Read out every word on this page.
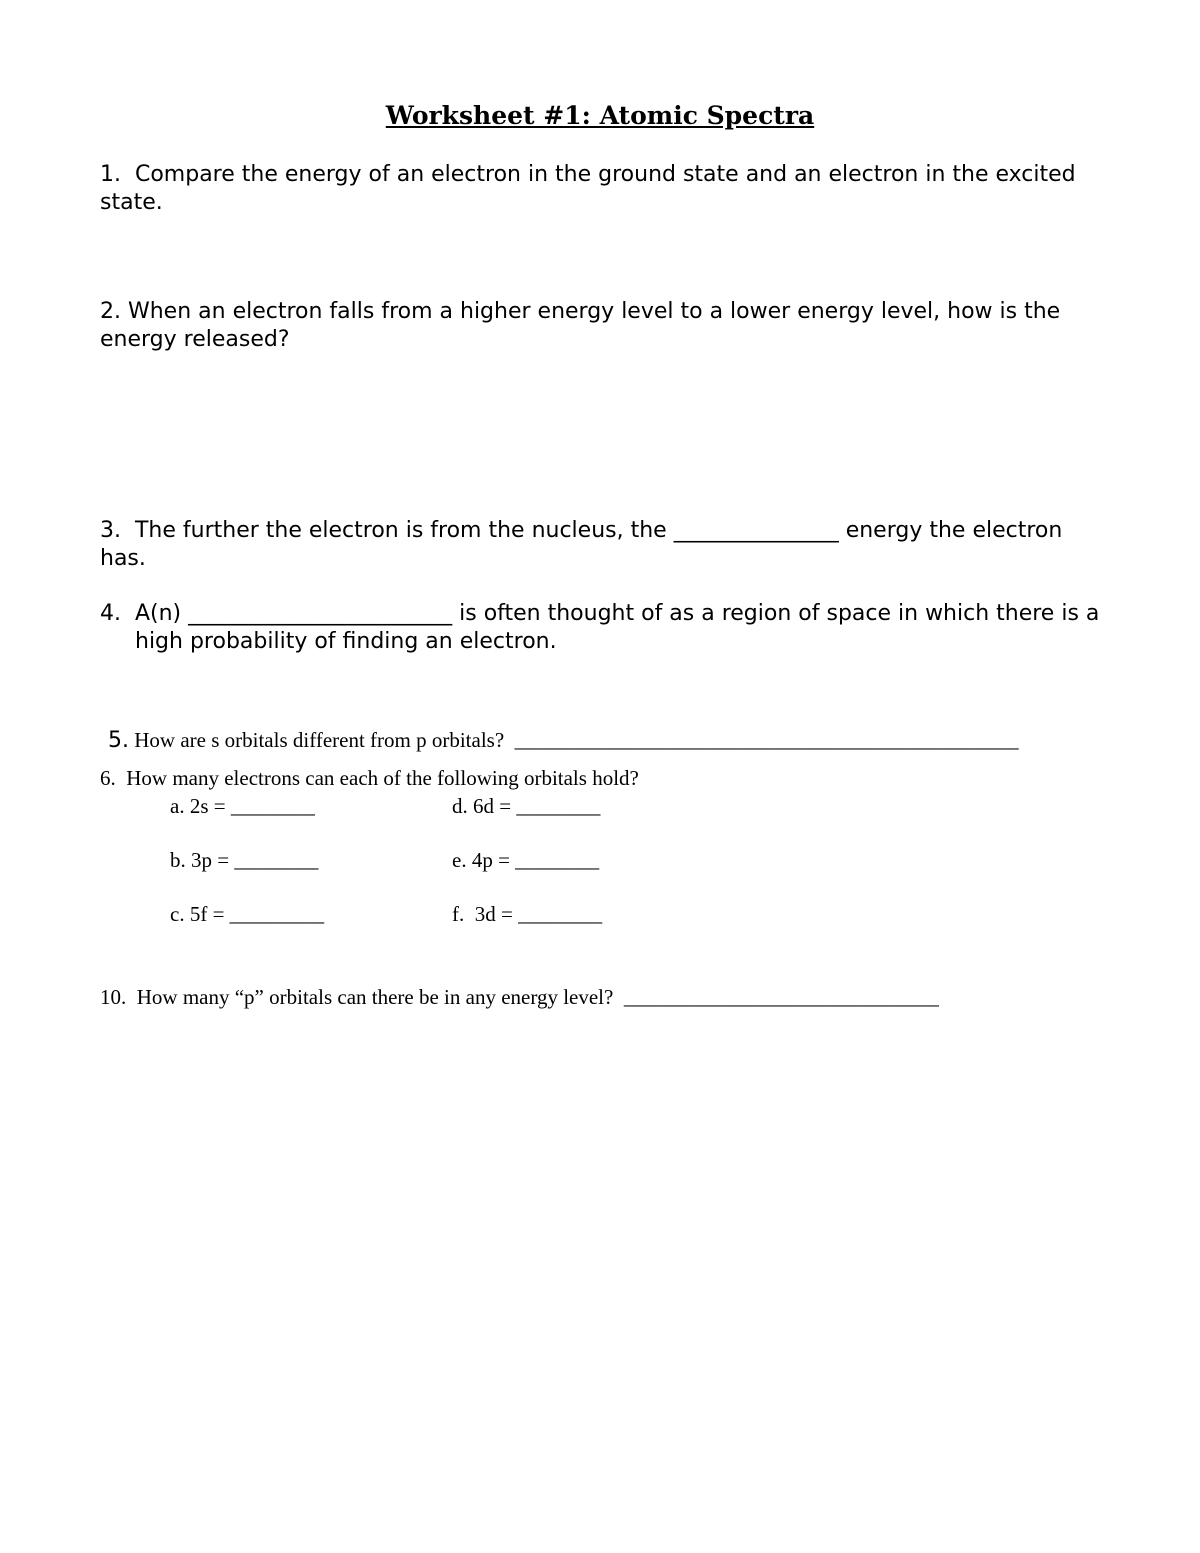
Worksheet #1: Atomic Spectra
1.  Compare the energy of an electron in the ground state and an electron in the excited state.
2. When an electron falls from a higher energy level to a lower energy level, how is the energy released?
3.  The further the electron is from the nucleus, the _______________ energy the electron has.
4.  A(n) ________________________ is often thought of as a region of space in which there is a high probability of finding an electron.

5. How are s orbitals different from p orbitals?  ________________________________________________

6.  How many electrons can each of the following orbitals hold?
a. 2s = ________	d. 6d = ________
b. 3p = ________	e. 4p = ________
c. 5f = _________	f.  3d = ________
10.  How many “p” orbitals can there be in any energy level?  ______________________________
